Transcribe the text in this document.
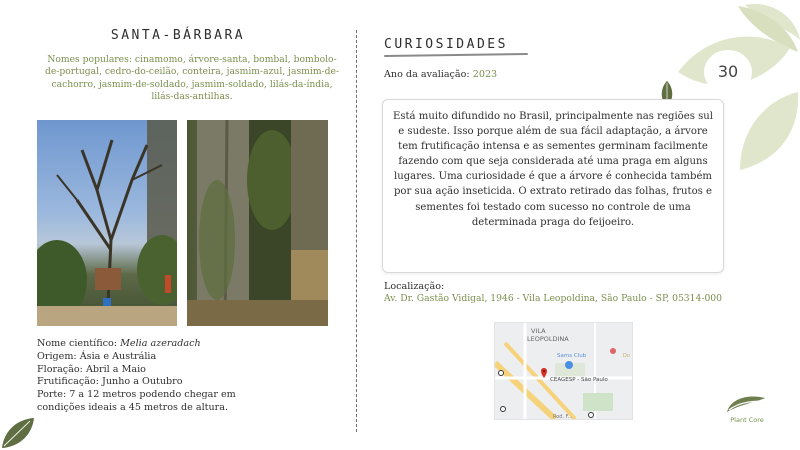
30
SANTA-BÁRBARA
Nomes populares: cinamomo, árvore-santa, bombal, bombolo-de-portugal, cedro-do-ceilão, conteira, jasmim-azul, jasmim-de-cachorro, jasmim-de-soldado, jasmim-soldado, lilás-da-índia, lilás-das-antilhas.
Nome científico: Melia azeradach
Origem: Ásia e Austrália
Floração: Abril a Maio
Frutificação: Junho a Outubro
Porte: 7 a 12 metros podendo chegar em
condições ideais a 45 metros de altura.
CURIOSIDADES
Ano da avaliação: 2023
Está muito difundido no Brasil, principalmente nas regiões sul e sudeste. Isso porque além de sua fácil adaptação, a árvore tem frutificação intensa e as sementes germinam facilmente fazendo com que seja considerada até uma praga em alguns lugares. Uma curiosidade é que a árvore é conhecida também por sua ação inseticida. O extrato retirado das folhas, frutos e sementes foi testado com sucesso no controle de uma determinada praga do feijoeiro.
Localização:
Av. Dr. Gastão Vidigal, 1946 - Vila Leopoldina, São Paulo - SP, 05314-000
VILA
LEOPOLDINA
Sams Club
CEAGESP - São Paulo
Rod. F...
Do
Plant Core
